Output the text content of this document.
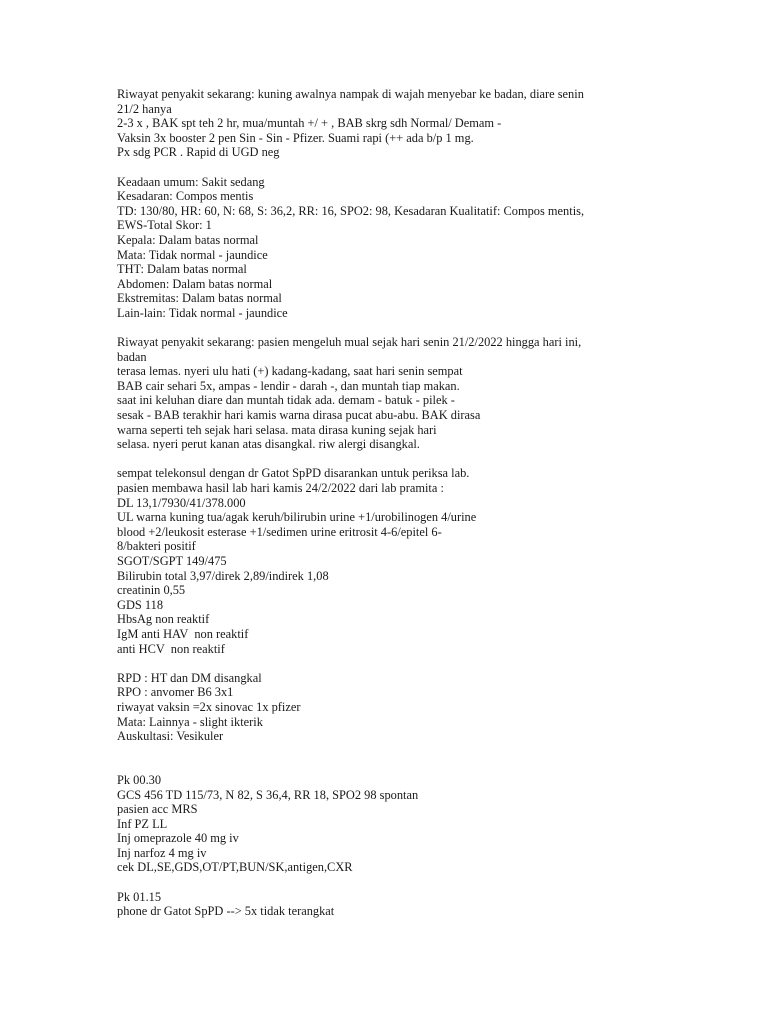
Riwayat penyakit sekarang: kuning awalnya nampak di wajah menyebar ke badan, diare senin
21/2 hanya
2-3 x , BAK spt teh 2 hr, mua/muntah +/ + , BAB skrg sdh Normal/ Demam -
Vaksin 3x booster 2 pen Sin - Sin - Pfizer. Suami rapi (++ ada b/p 1 mg.
Px sdg PCR . Rapid di UGD neg
Keadaan umum: Sakit sedang
Kesadaran: Compos mentis
TD: 130/80, HR: 60, N: 68, S: 36,2, RR: 16, SPO2: 98, Kesadaran Kualitatif: Compos mentis,
EWS-Total Skor: 1
Kepala: Dalam batas normal
Mata: Tidak normal - jaundice
THT: Dalam batas normal
Abdomen: Dalam batas normal
Ekstremitas: Dalam batas normal
Lain-lain: Tidak normal - jaundice
Riwayat penyakit sekarang: pasien mengeluh mual sejak hari senin 21/2/2022 hingga hari ini,
badan
terasa lemas. nyeri ulu hati (+) kadang-kadang, saat hari senin sempat
BAB cair sehari 5x, ampas - lendir - darah -, dan muntah tiap makan.
saat ini keluhan diare dan muntah tidak ada. demam - batuk - pilek -
sesak - BAB terakhir hari kamis warna dirasa pucat abu-abu. BAK dirasa
warna seperti teh sejak hari selasa. mata dirasa kuning sejak hari
selasa. nyeri perut kanan atas disangkal. riw alergi disangkal.
sempat telekonsul dengan dr Gatot SpPD disarankan untuk periksa lab.
pasien membawa hasil lab hari kamis 24/2/2022 dari lab pramita :
DL 13,1/7930/41/378.000
UL warna kuning tua/agak keruh/bilirubin urine +1/urobilinogen 4/urine
blood +2/leukosit esterase +1/sedimen urine eritrosit 4-6/epitel 6-
8/bakteri positif
SGOT/SGPT 149/475
Bilirubin total 3,97/direk 2,89/indirek 1,08
creatinin 0,55
GDS 118
HbsAg non reaktif
IgM anti HAV  non reaktif
anti HCV  non reaktif
RPD : HT dan DM disangkal
RPO : anvomer B6 3x1
riwayat vaksin =2x sinovac 1x pfizer
Mata: Lainnya - slight ikterik
Auskultasi: Vesikuler
Pk 00.30
GCS 456 TD 115/73, N 82, S 36,4, RR 18, SPO2 98 spontan
pasien acc MRS
Inf PZ LL
Inj omeprazole 40 mg iv
Inj narfoz 4 mg iv
cek DL,SE,GDS,OT/PT,BUN/SK,antigen,CXR
Pk 01.15
phone dr Gatot SpPD --> 5x tidak terangkat
